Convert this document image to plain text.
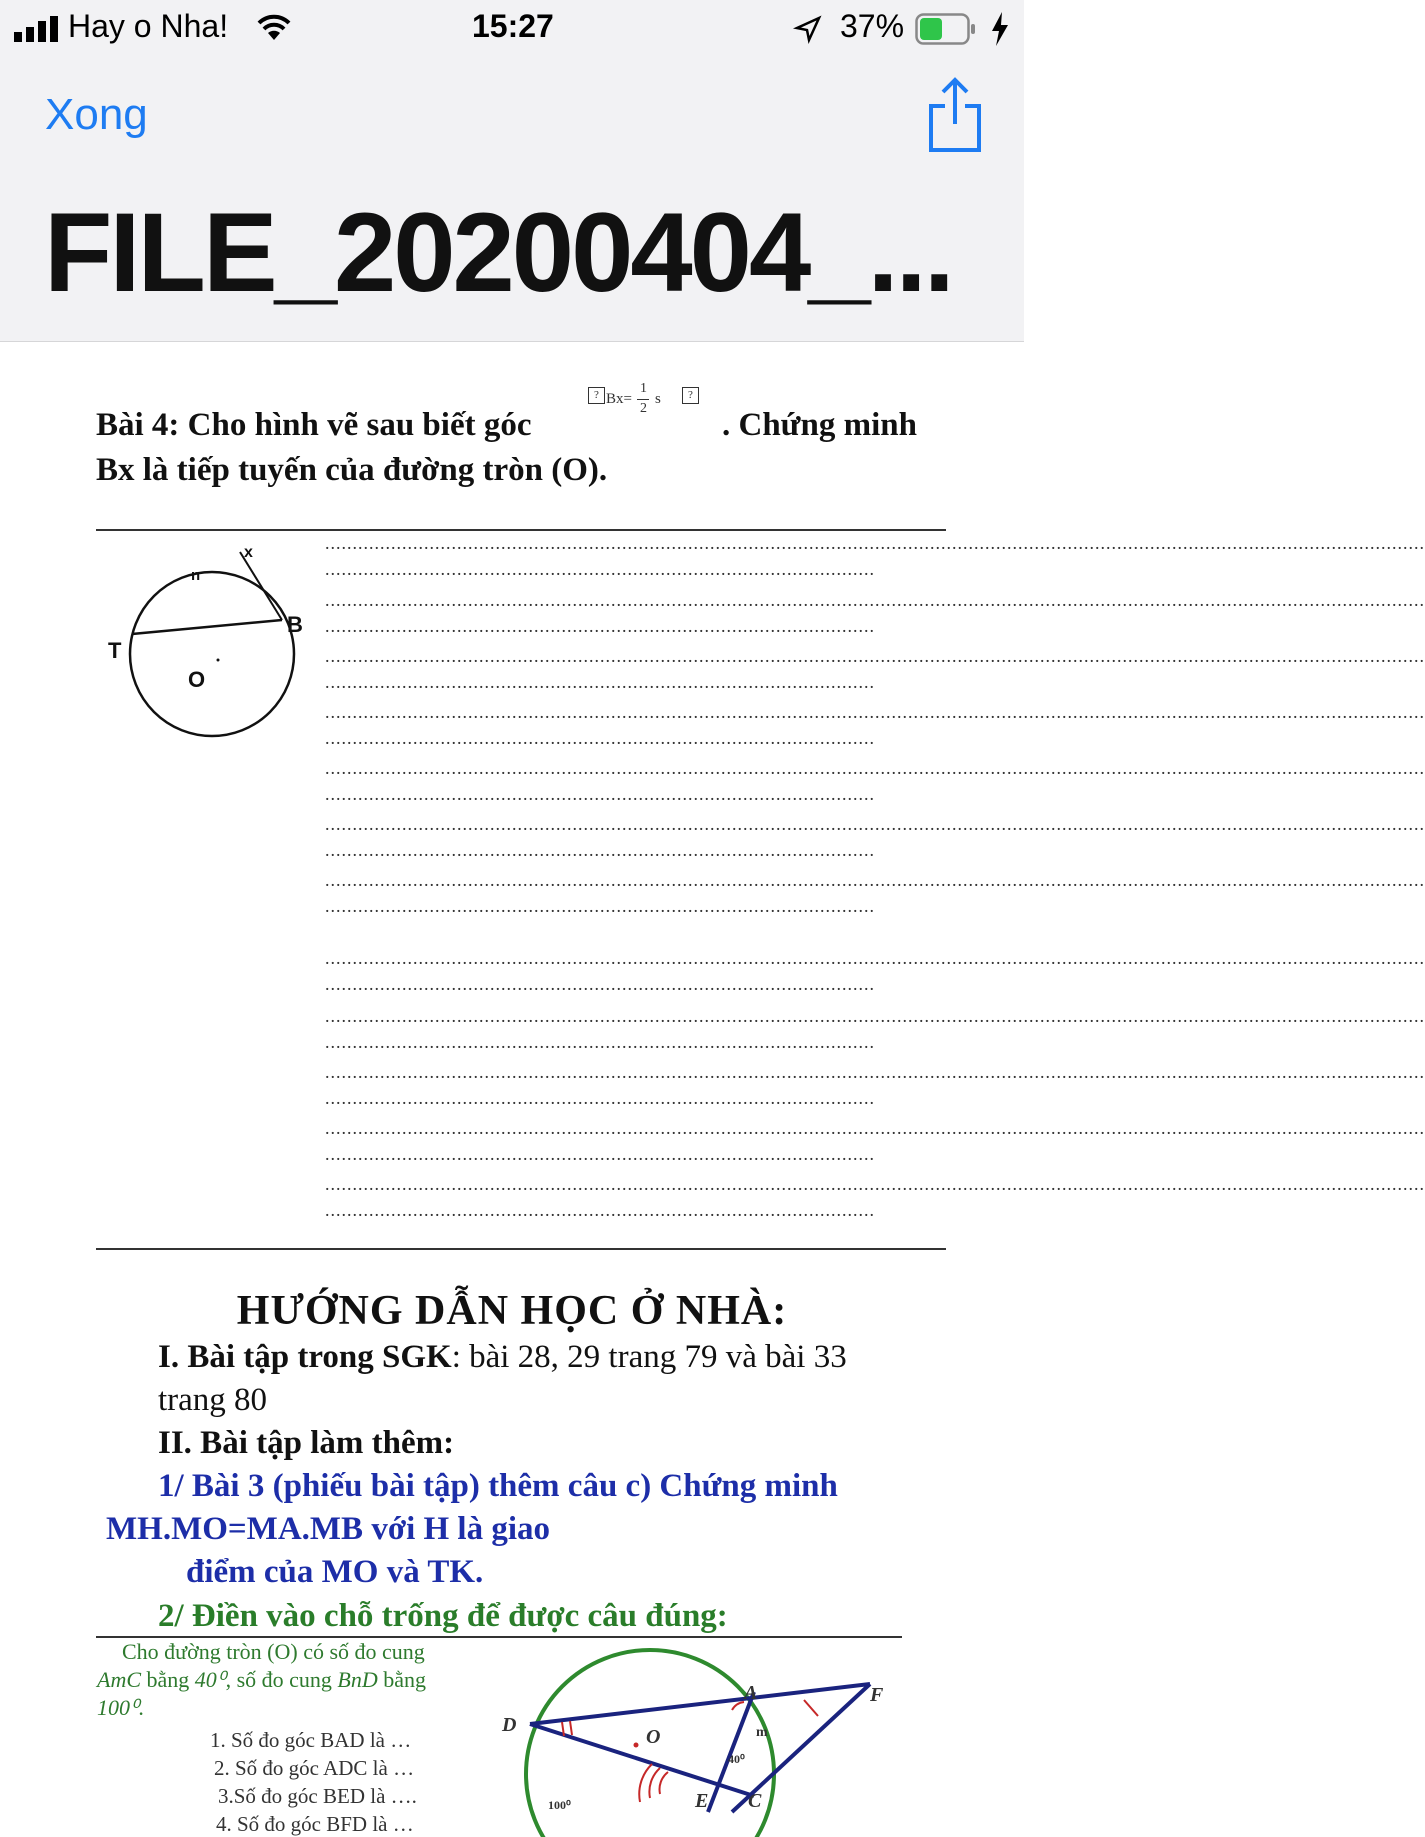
Hay o Nha!	15:27	37%
Xong
FILE_20200404_...
Bài 4: Cho hình vẽ sau biết góc
? Bx=
1
2
s	?
. Chứng minh
Bx là tiếp tuyến của đường tròn (O).
x
n
B
T
O
........................................................................................................................................................................................................
....................................................................................................
........................................................................................................................................................................................................
....................................................................................................
........................................................................................................................................................................................................
....................................................................................................
........................................................................................................................................................................................................
....................................................................................................
........................................................................................................................................................................................................
....................................................................................................
........................................................................................................................................................................................................
....................................................................................................
........................................................................................................................................................................................................
....................................................................................................
........................................................................................................................................................................................................
....................................................................................................
........................................................................................................................................................................................................
....................................................................................................
........................................................................................................................................................................................................
....................................................................................................
........................................................................................................................................................................................................
....................................................................................................
........................................................................................................................................................................................................
....................................................................................................
HƯỚNG DẪN HỌC Ở NHÀ:
I. Bài tập trong SGK: bài 28, 29 trang 79 và bài 33
trang 80
II. Bài tập làm thêm:
1/ Bài 3 (phiếu bài tập) thêm câu c) Chứng minh
MH.MO=MA.MB với H là giao
điểm của MO và TK.
2/ Điền vào chỗ trống để được câu đúng:
Cho đường tròn (O) có số đo cung
AmC bằng 40⁰, số đo cung BnD bằng
100⁰.
1. Số đo góc BAD là …
2. Số đo góc ADC là …
3.Số đo góc BED là ….
4. Số đo góc BFD là …
A	F
D
O	m
40⁰
E C
100⁰
